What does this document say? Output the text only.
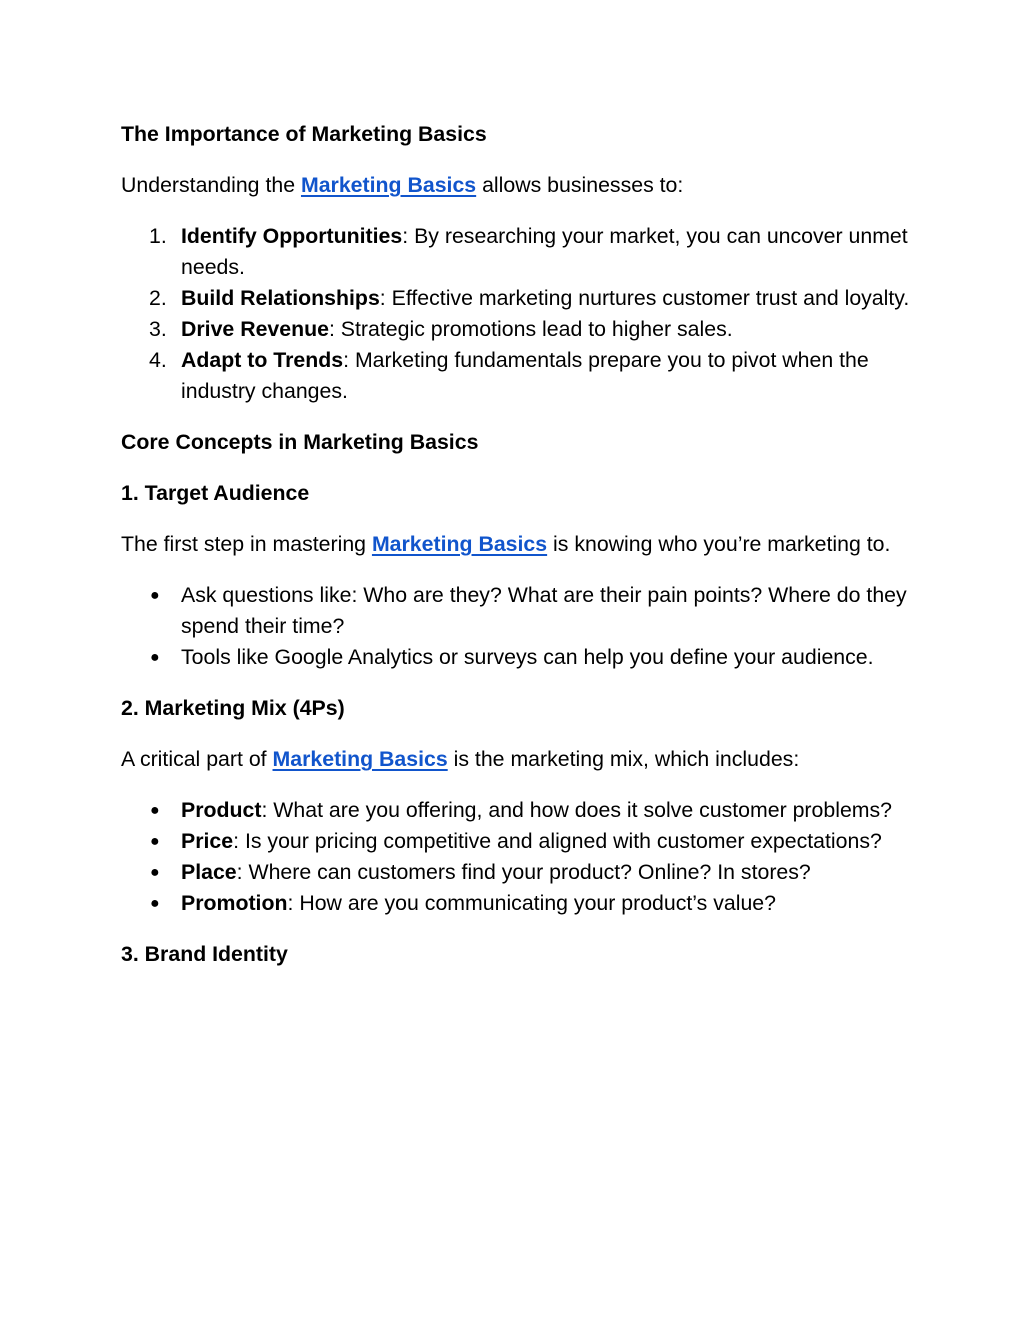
The Importance of Marketing Basics

Understanding the Marketing Basics allows businesses to:

1. Identify Opportunities: By researching your market, you can uncover unmet needs.
2. Build Relationships: Effective marketing nurtures customer trust and loyalty.
3. Drive Revenue: Strategic promotions lead to higher sales.
4. Adapt to Trends: Marketing fundamentals prepare you to pivot when the industry changes.
Core Concepts in Marketing Basics
1. Target Audience

The first step in mastering Marketing Basics is knowing who you’re marketing to.

● Ask questions like: Who are they? What are their pain points? Where do they spend their time?
● Tools like Google Analytics or surveys can help you define your audience.
2. Marketing Mix (4Ps)

A critical part of Marketing Basics is the marketing mix, which includes:

● Product: What are you offering, and how does it solve customer problems?
● Price: Is your pricing competitive and aligned with customer expectations?
● Place: Where can customers find your product? Online? In stores?
● Promotion: How are you communicating your product’s value?
3. Brand Identity
